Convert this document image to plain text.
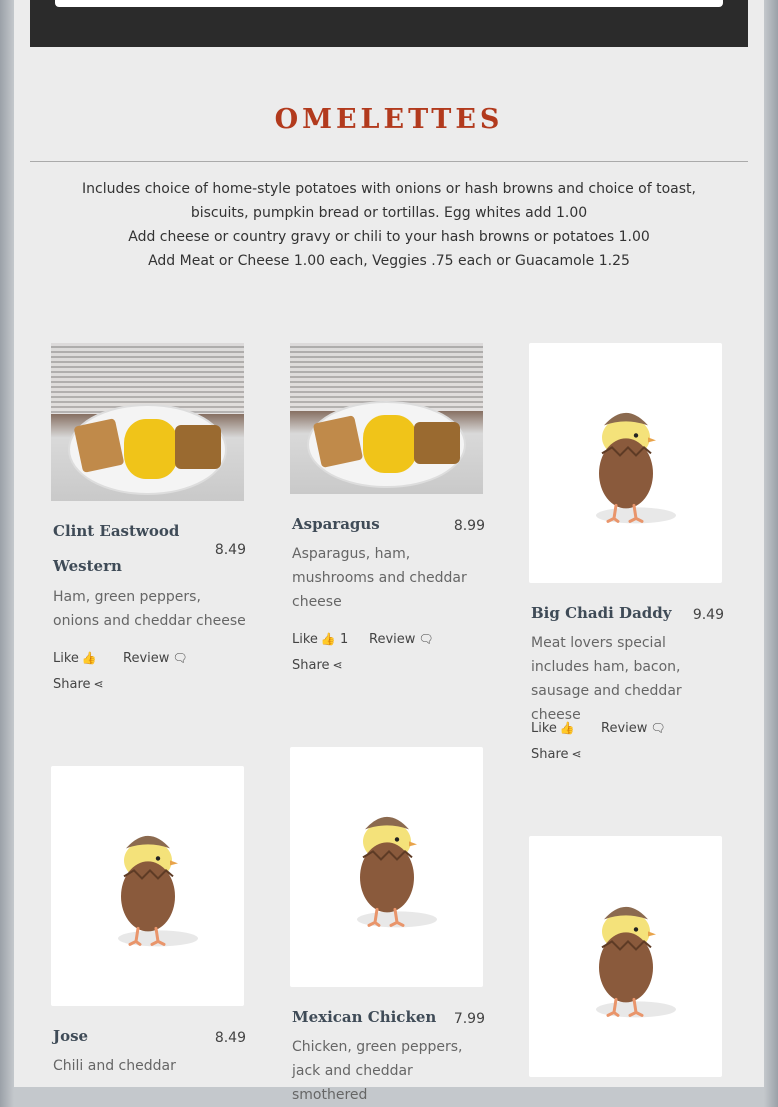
OMELETTES

Includes choice of home-style potatoes with onions or hash browns and choice of toast,

biscuits, pumpkin bread or tortillas. Egg whites add 1.00

Add cheese or country gravy or chili to your hash browns or potatoes 1.00

Add Meat or Cheese 1.00 each, Veggies .75 each or Guacamole 1.25

Clint Eastwood
Western
8.49
Ham, green peppers, onions and cheddar cheese
Like 👍 Review 🗨
Share ⋖
Asparagus	8.99
Asparagus, ham, mushrooms and cheddar cheese
Like 👍 1 Review 🗨
Share ⋖
Big Chadi Daddy 9.49
Meat lovers special includes ham, bacon, sausage and cheddar cheese
Like 👍 Review 🗨
Share ⋖
Jose	8.49
Chili and cheddar
Mexican Chicken 7.99
Chicken, green peppers, jack and cheddar smothered
